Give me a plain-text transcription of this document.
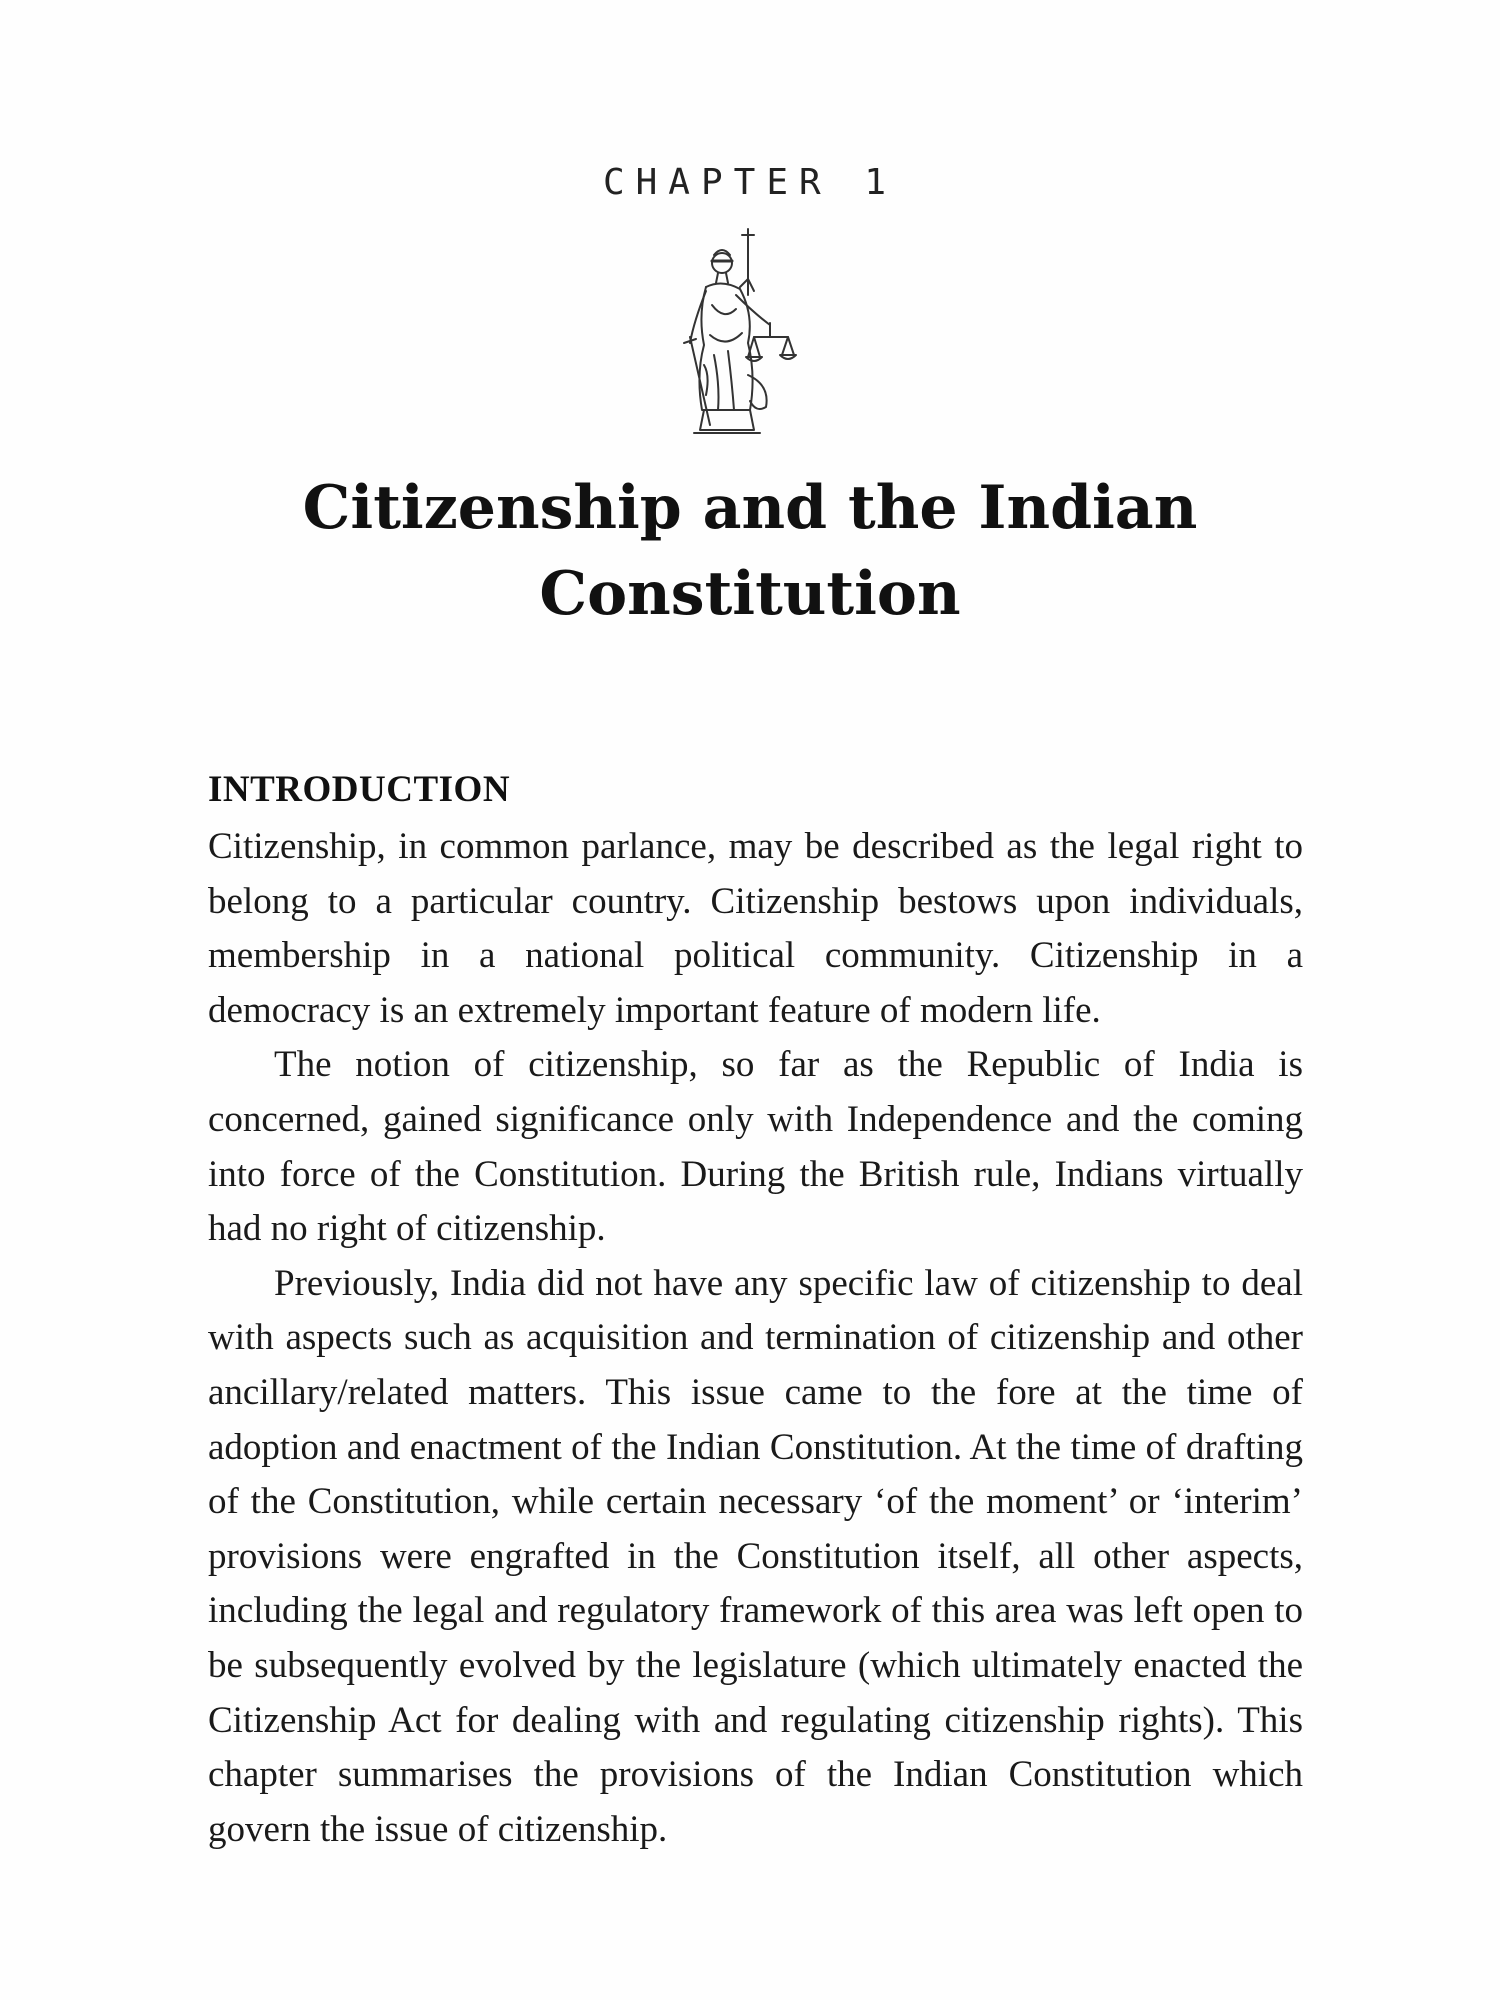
CHAPTER 1
Citizenship and the Indian
Constitution
INTRODUCTION

Citizenship, in common parlance, may be described as the legal right to belong to a particular country. Citizenship bestows upon individuals, membership in a national political community. Citizenship in a democracy is an extremely important feature of modern life.

The notion of citizenship, so far as the Republic of India is concerned, gained significance only with Independence and the coming into force of the Constitution. During the British rule, Indians virtually had no right of citizenship.

Previously, India did not have any specific law of citizenship to deal with aspects such as acquisition and termination of citizenship and other ancillary/related matters. This issue came to the fore at the time of adoption and enactment of the Indian Constitution. At the time of drafting of the Constitution, while certain necessary ‘of the moment’ or ‘interim’ provisions were engrafted in the Constitution itself, all other aspects, including the legal and regulatory framework of this area was left open to be subsequently evolved by the legislature (which ultimately enacted the Citizenship Act for dealing with and regulating citizenship rights). This chapter summarises the provisions of the Indian Constitution which govern the issue of citizenship.
